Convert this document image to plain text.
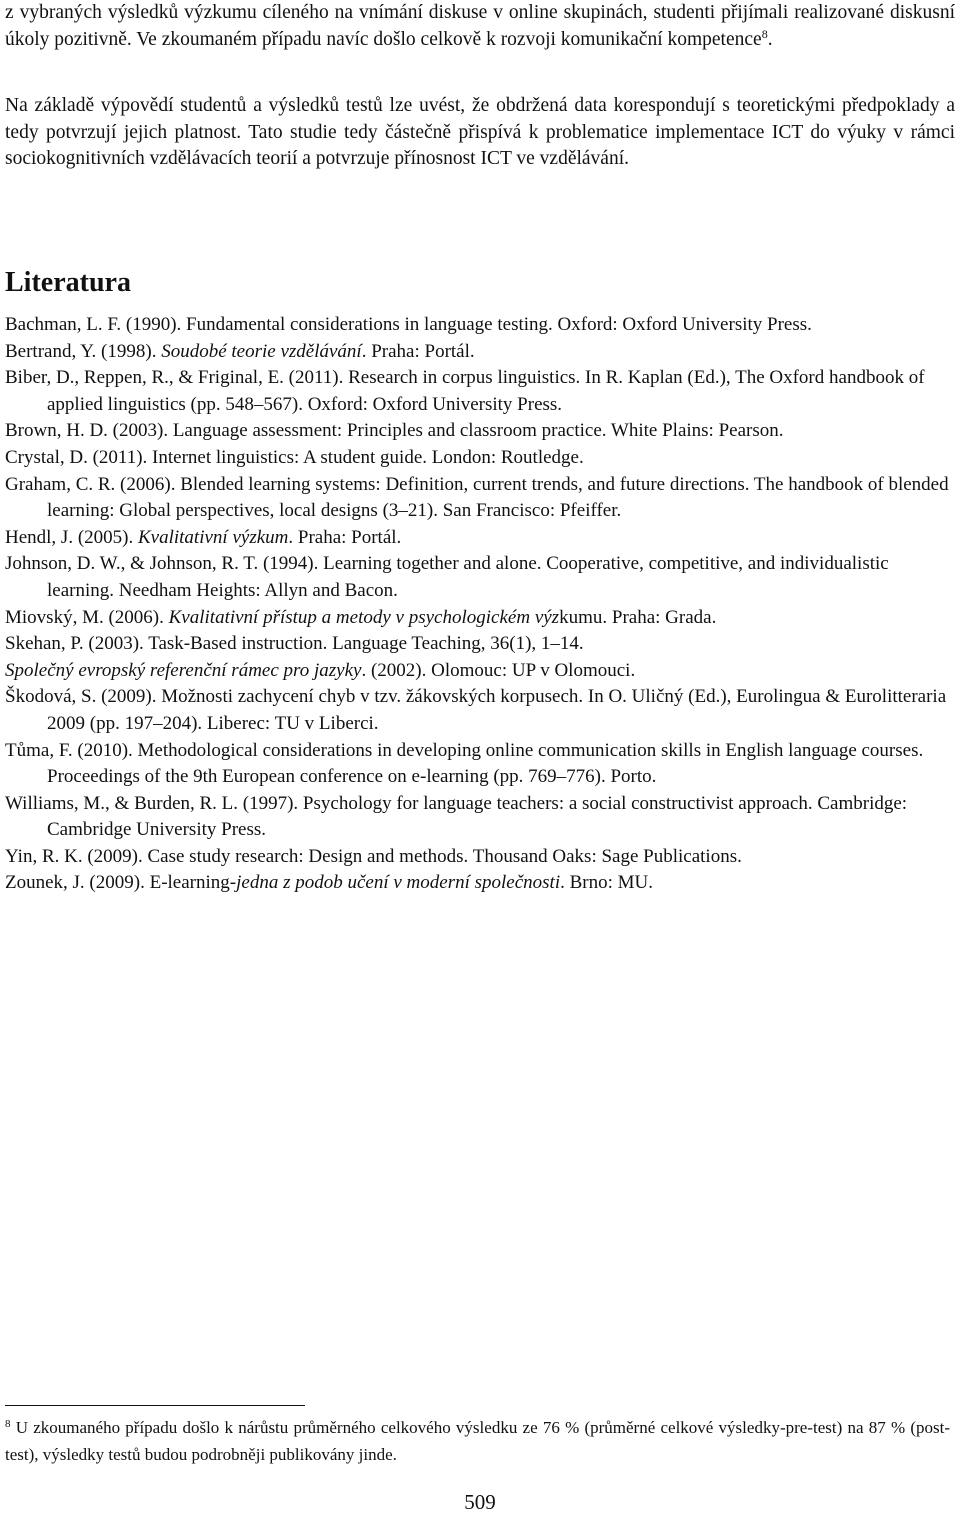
z vybraných výsledků výzkumu cíleného na vnímání diskuse v online skupinách, studenti přijímali realizované diskusní úkoly pozitivně. Ve zkoumaném případu navíc došlo celkově k rozvoji komunikační kompetence$^8$.

Na základě výpovědí studentů a výsledků testů lze uvést, že obdržená data korespondují s teoretickými předpoklady a tedy potvrzují jejich platnost. Tato studie tedy částečně přispívá k problematice implementace ICT do výuky v rámci sociokognitivních vzdělávacích teorií a potvrzuje přínosnost ICT ve vzdělávání.

Literatura

Bachman, L. F. (1990). Fundamental considerations in language testing. Oxford: Oxford University Press.

Bertrand, Y. (1998). Soudobé teorie vzdělávání. Praha: Portál.

Biber, D., Reppen, R., & Friginal, E. (2011). Research in corpus linguistics. In R. Kaplan (Ed.), The Oxford handbook of applied linguistics (pp. 548–567). Oxford: Oxford University Press.

Brown, H. D. (2003). Language assessment: Principles and classroom practice. White Plains: Pearson.

Crystal, D. (2011). Internet linguistics: A student guide. London: Routledge.

Graham, C. R. (2006). Blended learning systems: Definition, current trends, and future directions. The handbook of blended learning: Global perspectives, local designs (3–21). San Francisco: Pfeiffer.

Hendl, J. (2005). Kvalitativní výzkum. Praha: Portál.

Johnson, D. W., & Johnson, R. T. (1994). Learning together and alone. Cooperative, competitive, and individualistic learning. Needham Heights: Allyn and Bacon.

Miovský, M. (2006). Kvalitativní přístup a metody v psychologickém výzkumu. Praha: Grada.

Skehan, P. (2003). Task-Based instruction. Language Teaching, 36(1), 1–14.

Společný evropský referenční rámec pro jazyky. (2002). Olomouc: UP v Olomouci.

Škodová, S. (2009). Možnosti zachycení chyb v tzv. žákovských korpusech. In O. Uličný (Ed.), Eurolingua & Eurolitteraria 2009 (pp. 197–204). Liberec: TU v Liberci.

Tůma, F. (2010). Methodological considerations in developing online communication skills in English language courses. Proceedings of the 9th European conference on e-learning (pp. 769–776). Porto.

Williams, M., & Burden, R. L. (1997). Psychology for language teachers: a social constructivist approach. Cambridge: Cambridge University Press.

Yin, R. K. (2009). Case study research: Design and methods. Thousand Oaks: Sage Publications.

Zounek, J. (2009). E-learning-jedna z podob učení v moderní společnosti. Brno: MU.

$^8$ U zkoumaného případu došlo k nárůstu průměrného celkového výsledku ze 76 % (průměrné celkové výsledky-pre-test) na 87 % (post-test), výsledky testů budou podrobněji publikovány jinde.

509
